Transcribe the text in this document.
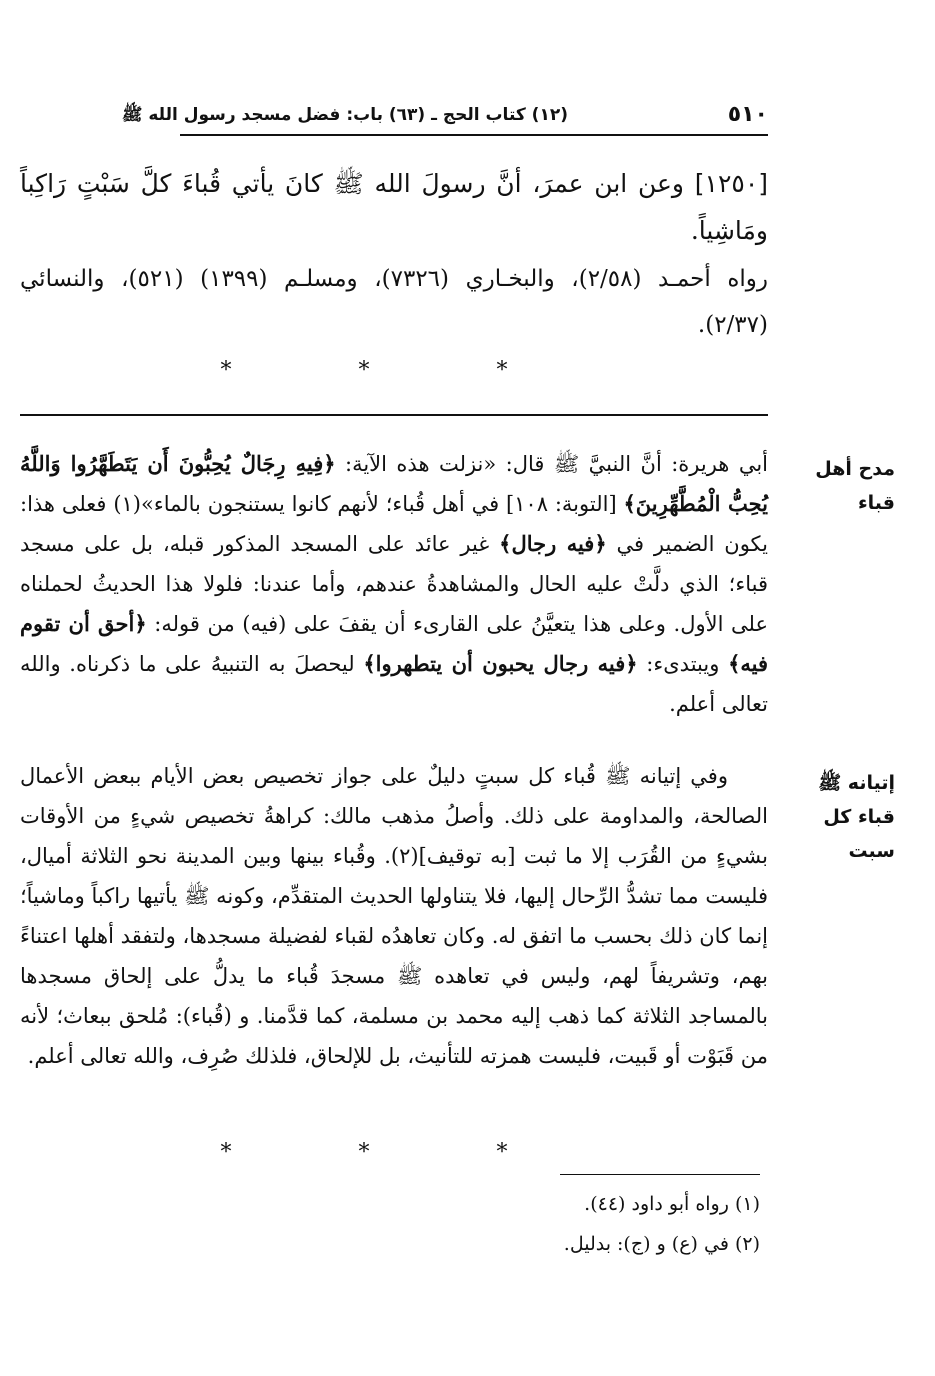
٥١٠
(١٢) كتاب الحج ـ (٦٣) باب: فضل مسجد رسول الله ﷺ
[١٢٥٠] وعن ابن عمرَ، أنَّ رسولَ الله ﷺ كانَ يأتي قُباءَ كلَّ سَبْتٍ رَاكِباً ومَاشِياً.
رواه أحمـد (٢/٥٨)، والبخـاري (٧٣٢٦)، ومسلـم (١٣٩٩) (٥٢١)، والنسائي (٢/٣٧).
* * *
مدح أهل قباء

أبي هريرة: أنَّ النبيَّ ﷺ قال: «نزلت هذه الآية: ﴿فِيهِ رِجَالٌ يُحِبُّونَ أَن يَتَطَهَّرُوا وَاللَّهُ يُحِبُّ الْمُطَّهِّرِينَ﴾ [التوبة: ١٠٨] في أهل قُباء؛ لأنهم كانوا يستنجون بالماء»(١) فعلى هذا: يكون الضمير في ﴿فيه رجال﴾ غير عائد على المسجد المذكور قبله، بل على مسجد قباء؛ الذي دلَّتْ عليه الحال والمشاهدةُ عندهم، وأما عندنا: فلولا هذا الحديثُ لحملناه على الأول. وعلى هذا يتعيَّنُ على القارىء أن يقفَ على (فيه) من قوله: ﴿أحق أن تقوم فيه﴾ ويبتدىء: ﴿فيه رجال يحبون أن يتطهروا﴾ ليحصلَ به التنبيهُ على ما ذكرناه. والله تعالى أعلم.

إتيانه ﷺ قباء كل سبت

وفي إتيانه ﷺ قُباء كل سبتٍ دليلٌ على جواز تخصيص بعض الأيام ببعض الأعمال الصالحة، والمداومة على ذلك. وأصلُ مذهب مالك: كراهةُ تخصيص شيءٍ من الأوقات بشيءٍ من القُرَب إلا ما ثبت [به توقيف](٢). وقُباء بينها وبين المدينة نحو الثلاثة أميال، فليست مما تشدُّ الرِّحال إليها، فلا يتناولها الحديث المتقدِّم، وكونه ﷺ يأتيها راكباً وماشياً؛ إنما كان ذلك بحسب ما اتفق له. وكان تعاهدُه لقباء لفضيلة مسجدها، ولتفقد أهلها اعتناءً بهم، وتشريفاً لهم، وليس في تعاهده ﷺ مسجدَ قُباء ما يدلُّ على إلحاق مسجدها بالمساجد الثلاثة كما ذهب إليه محمد بن مسلمة، كما قدَّمنا. و (قُباء): مُلحق ببعاث؛ لأنه من قَبَوْت أو قَبيت، فليست همزته للتأنيث، بل للإلحاق، فلذلك صُرِف، والله تعالى أعلم.

* * *
(١) رواه أبو داود (٤٤).
(٢) في (ع) و (ج): بدليل.
